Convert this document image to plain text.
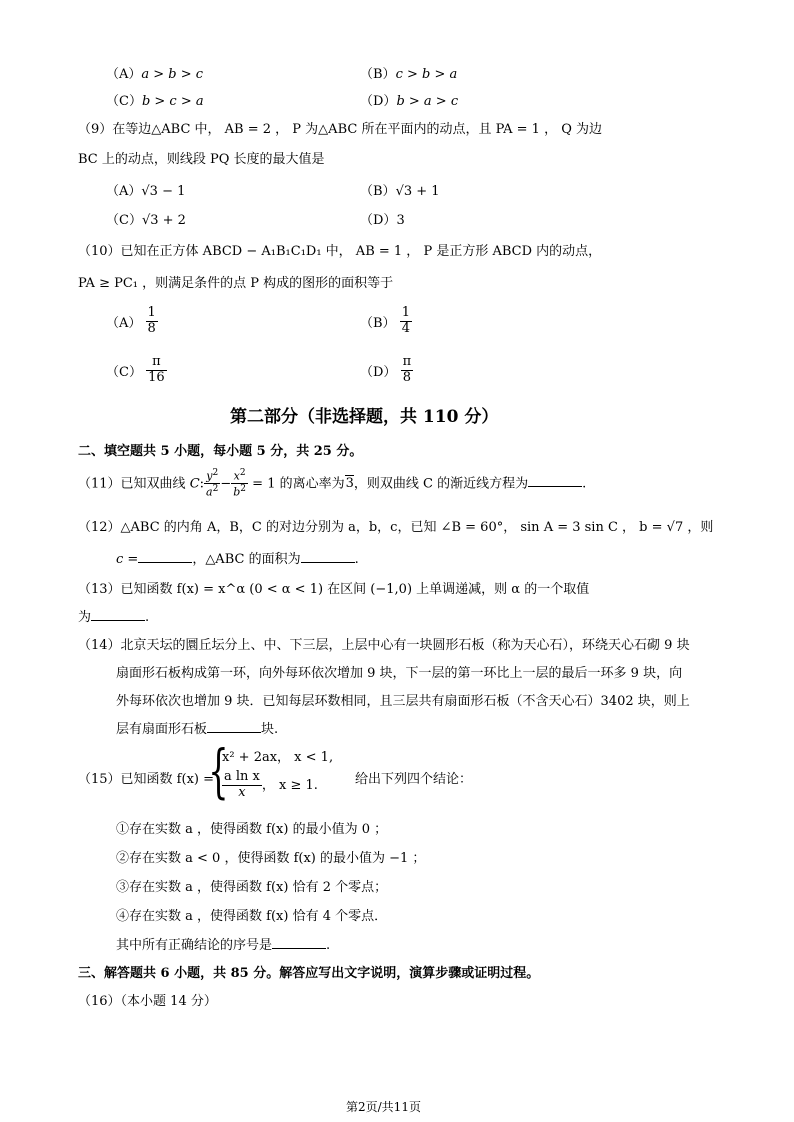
（A）a > b > c	（B）c > b > a
（C）b > c > a	（D）b > a > c
（9）在等边△ABC 中， AB = 2 ， P 为△ABC 所在平面内的动点，且 PA = 1 ， Q 为边
BC 上的动点，则线段 PQ 长度的最大值是
（A）√3 − 1	（B）√3 + 1
（C）√3 + 2	（D）3
（10）已知在正方体 ABCD − A₁B₁C₁D₁ 中， AB = 1 ， P 是正方形 ABCD 内的动点，
PA ≥ PC₁ ，则满足条件的点 P 构成的图形的面积等于
$(A) \frac{1}{8}$	$(B) \frac{1}{4}$
$(C) \frac{\pi}{16}$	$(D) \frac{\pi}{8}$
第二部分（非选择题，共 110 分）
二、填空题共 5 小题，每小题 5 分，共 25 分。
（11）已知双曲线 C: $\frac{y^2}{a^2} - \frac{x^2}{b^2} = 1$ 的离心率为3，则双曲线 C 的渐近线方程为	.
（12）△ABC 的内角 A，B，C 的对边分别为 a，b，c，已知 ∠B = 60°， sin A = 3 sin C ， b = √7 ，则
c =	，△ABC 的面积为	.
（13）已知函数 f(x) = x^α (0 < α < 1) 在区间 (−1,0) 上单调递减，则 α 的一个取值
为	.
（14）北京天坛的圜丘坛分上、中、下三层，上层中心有一块圆形石板（称为天心石），环绕天心石砌 9 块
扇面形石板构成第一环，向外每环依次增加 9 块，下一层的第一环比上一层的最后一环多 9 块，向
外每环依次也增加 9 块．已知每层环数相同，且三层共有扇面形石板（不含天心石）3402 块，则上
层有扇面形石板	块.
（15）已知函数 f(x) =
{
x² + 2ax， x < 1,
$\frac{\text{a ln x}}{x}$ ， x ≥ 1.	给出下列四个结论：
①存在实数 a ，使得函数 f(x) 的最小值为 0 ；
②存在实数 a < 0 ，使得函数 f(x) 的最小值为 −1 ；
③存在实数 a ，使得函数 f(x) 恰有 2 个零点；
④存在实数 a ，使得函数 f(x) 恰有 4 个零点．
其中所有正确结论的序号是	.
三、解答题共 6 小题，共 85 分。解答应写出文字说明，演算步骤或证明过程。
（16）（本小题 14 分）
第2页/共11页
